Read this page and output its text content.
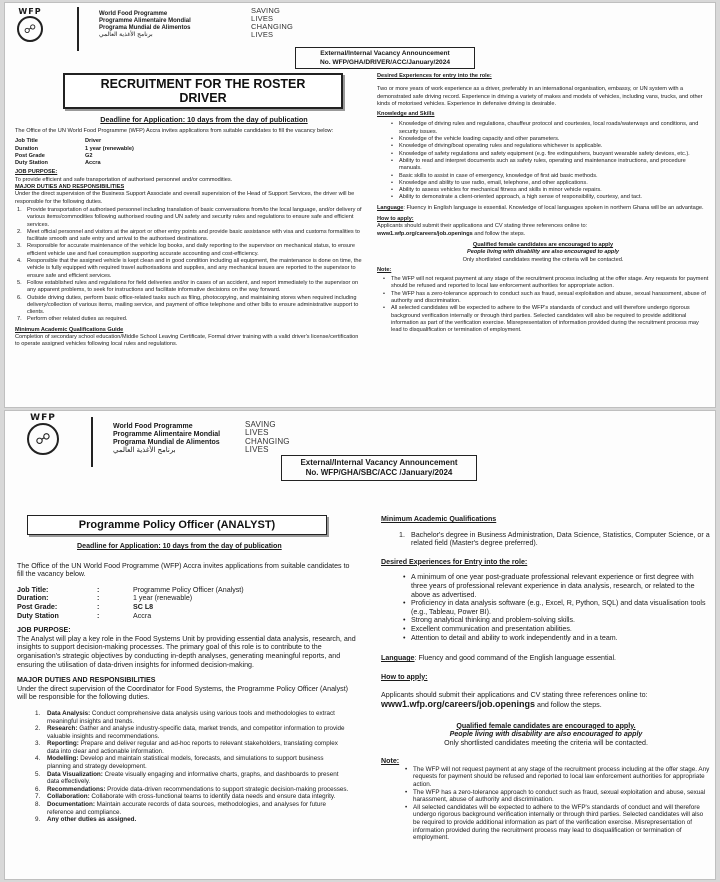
WFP
☍
World Food Programme
Programme Alimentaire Mondial
Programa Mundial de Alimentos
برنامج الأغذية العالمي
SAVING
LIVES
CHANGING
LIVES
External/Internal Vacancy Announcement
No. WFP/GHA/DRIVER/ACC/January/2024
RECRUITMENT FOR THE ROSTER
DRIVER
Deadline for Application: 10 days from the day of publication
The Office of the UN World Food Programme (WFP) Accra invites applications from suitable candidates to fill the vacancy below:
Job Title	Driver
Duration	1 year (renewable)
Post Grade	G2
Duty Station	Accra
JOB PURPOSE:
To provide efficient and safe transportation of authorised personnel and/or commodities.
MAJOR DUTIES AND RESPONSIBILITIES
Under the direct supervision of the Business Support Associate and overall supervision of the Head of Support Services, the driver will be responsible for the following duties.
1. Provide transportation of authorised personnel including translation of basic conversations from/to the local language, and/or delivery of various items/commodities following authorised routing and UN safety and security rules and regulations to ensure safe and efficient services.
2. Meet official personnel and visitors at the airport or other entry points and provide basic assistance with visa and customs formalities to facilitate smooth and safe entry and arrival to the authorised destinations.
3. Responsible for accurate maintenance of the vehicle log books, and daily reporting to the supervisor on mechanical status, to ensure efficient vehicle use and fuel consumption supporting accurate accounting and cost-efficiency.
4. Responsible that the assigned vehicle is kept clean and in good condition including all equipment, the maintenance is done on time, the vehicle is fully equipped with required travel authorisations and supplies, and any mechanical issues are reported to the supervisor to ensure safe and efficient services.
5. Follow established rules and regulations for field deliveries and/or in cases of an accident, and report immediately to the supervisor on any apparent problems, to seek for instructions and facilitate informative decisions on the way forward.
6. Outside driving duties, perform basic office-related tasks such as filing, photocopying, and maintaining stores when required including delivery/collection of various items, mailing service, and payment of office telephone and other bills to ensure administrative support to clients.
7. Perform other related duties as required.
Minimum Academic Qualifications Guide
Completion of secondary school education/Middle School Leaving Certificate, Formal driver training with a valid driver's license/certification to operate assigned vehicles following local rules and regulations.
Desired Experiences for entry into the role:
Two or more years of work experience as a driver, preferably in an international organisation, embassy, or UN system with a demonstrated safe driving record. Experience in driving a variety of makes and models of vehicles, including vans, trucks, and other kinds of motorised vehicles. Experience in defensive driving is desirable.
Knowledge and Skills
• Knowledge of driving rules and regulations, chauffeur protocol and courtesies, local roads/waterways and conditions, and security issues.
• Knowledge of the vehicle loading capacity and other parameters.
• Knowledge of driving/boat operating rules and regulations whichever is applicable.
• Knowledge of safety regulations and safety equipment (e.g. fire extinguishers, buoyant wearable safety devices, etc.).
• Ability to read and interpret documents such as safety rules, operating and maintenance instructions, and procedure manuals.
• Basic skills to assist in case of emergency, knowledge of first aid basic methods.
• Knowledge and ability to use radio, email, telephone, and other applications.
• Ability to assess vehicles for mechanical fitness and skills in minor vehicle repairs.
• Ability to demonstrate a client-oriented approach, a high sense of responsibility, courtesy, and tact.
Language: Fluency in English language is essential. Knowledge of local languages spoken in northern Ghana will be an advantage.
How to apply:
Applicants should submit their applications and CV stating three references online to:
www1.wfp.org/careers/job.openings and follow the steps.
Qualified female candidates are encouraged to apply
People living with disability are also encouraged to apply
Only shortlisted candidates meeting the criteria will be contacted.
Note:
• The WFP will not request payment at any stage of the recruitment process including at the offer stage. Any requests for payment should be refused and reported to local law enforcement authorities for appropriate action.
• The WFP has a zero-tolerance approach to conduct such as fraud, sexual exploitation and abuse, sexual harassment, abuse of authority and discrimination.
• All selected candidates will be expected to adhere to the WFP's standards of conduct and will therefore undergo rigorous background verification internally or through third parties. Selected candidates will also be required to provide additional information as part of the verification exercise. Misrepresentation of information provided during the recruitment process may lead to disqualification or termination of employment.
WFP
☍
World Food Programme
Programme Alimentaire Mondial
Programa Mundial de Alimentos
برنامج الأغذية العالمي
SAVING
LIVES
CHANGING
LIVES
External/Internal Vacancy Announcement
No. WFP/GHA/SBC/ACC /January/2024
Programme Policy Officer (ANALYST)
Deadline for Application: 10 days from the day of publication
The Office of the UN World Food Programme (WFP) Accra invites applications from suitable candidates to fill the vacancy below.
Job Title:	:	Programme Policy Officer (Analyst)
Duration:	:	1 year (renewable)
Post Grade:	:	SC L8
Duty Station	:	Accra
JOB PURPOSE:
The Analyst will play a key role in the Food Systems Unit by providing essential data analysis, research, and insights to support decision-making processes. The primary goal of this role is to contribute to the organisation's strategic objectives by conducting in-depth analyses, generating meaningful reports, and ensuring the utilisation of data-driven insights for informed decision-making.
MAJOR DUTIES AND RESPONSIBILITIES
Under the direct supervision of the Coordinator for Food Systems, the Programme Policy Officer (Analyst) will be responsible for the following duties.
1. Data Analysis: Conduct comprehensive data analysis using various tools and methodologies to extract meaningful insights and trends.
2. Research: Gather and analyse industry-specific data, market trends, and competitor information to provide valuable insights and recommendations.
3. Reporting: Prepare and deliver regular and ad-hoc reports to relevant stakeholders, translating complex data into clear and actionable information.
4. Modelling: Develop and maintain statistical models, forecasts, and simulations to support business planning and strategy development.
5. Data Visualization: Create visually engaging and informative charts, graphs, and dashboards to present data effectively.
6. Recommendations: Provide data-driven recommendations to support strategic decision-making processes.
7. Collaboration: Collaborate with cross-functional teams to identify data needs and ensure data integrity.
8. Documentation: Maintain accurate records of data sources, methodologies, and analyses for future reference and compliance.
9. Any other duties as assigned.
Minimum Academic Qualifications
1. Bachelor's degree in Business Administration, Data Science, Statistics, Computer Science, or a related field (Master's degree preferred).
Desired Experiences for Entry into the role:
• A minimum of one year post-graduate professional relevant experience or first degree with three years of professional relevant experience in data analysis, research, or related to the above as advertised.
• Proficiency in data analysis software (e.g., Excel, R, Python, SQL) and data visualisation tools (e.g., Tableau, Power BI).
• Strong analytical thinking and problem-solving skills.
• Excellent communication and presentation abilities.
• Attention to detail and ability to work independently and in a team.
Language: Fluency and good command of the English language essential.
How to apply:
Applicants should submit their applications and CV stating three references online to:
www1.wfp.org/careers/job.openings and follow the steps.
Qualified female candidates are encouraged to apply.
People living with disability are also encouraged to apply
Only shortlisted candidates meeting the criteria will be contacted.
Note:
• The WFP will not request payment at any stage of the recruitment process including at the offer stage. Any requests for payment should be refused and reported to local law enforcement authorities for appropriate action.
• The WFP has a zero-tolerance approach to conduct such as fraud, sexual exploitation and abuse, sexual harassment, abuse of authority and discrimination.
• All selected candidates will be expected to adhere to the WFP's standards of conduct and will therefore undergo rigorous background verification internally or through third parties. Selected candidates will also be required to provide additional information as part of the verification exercise. Misrepresentation of information provided during the recruitment process may lead to disqualification or termination of employment.
